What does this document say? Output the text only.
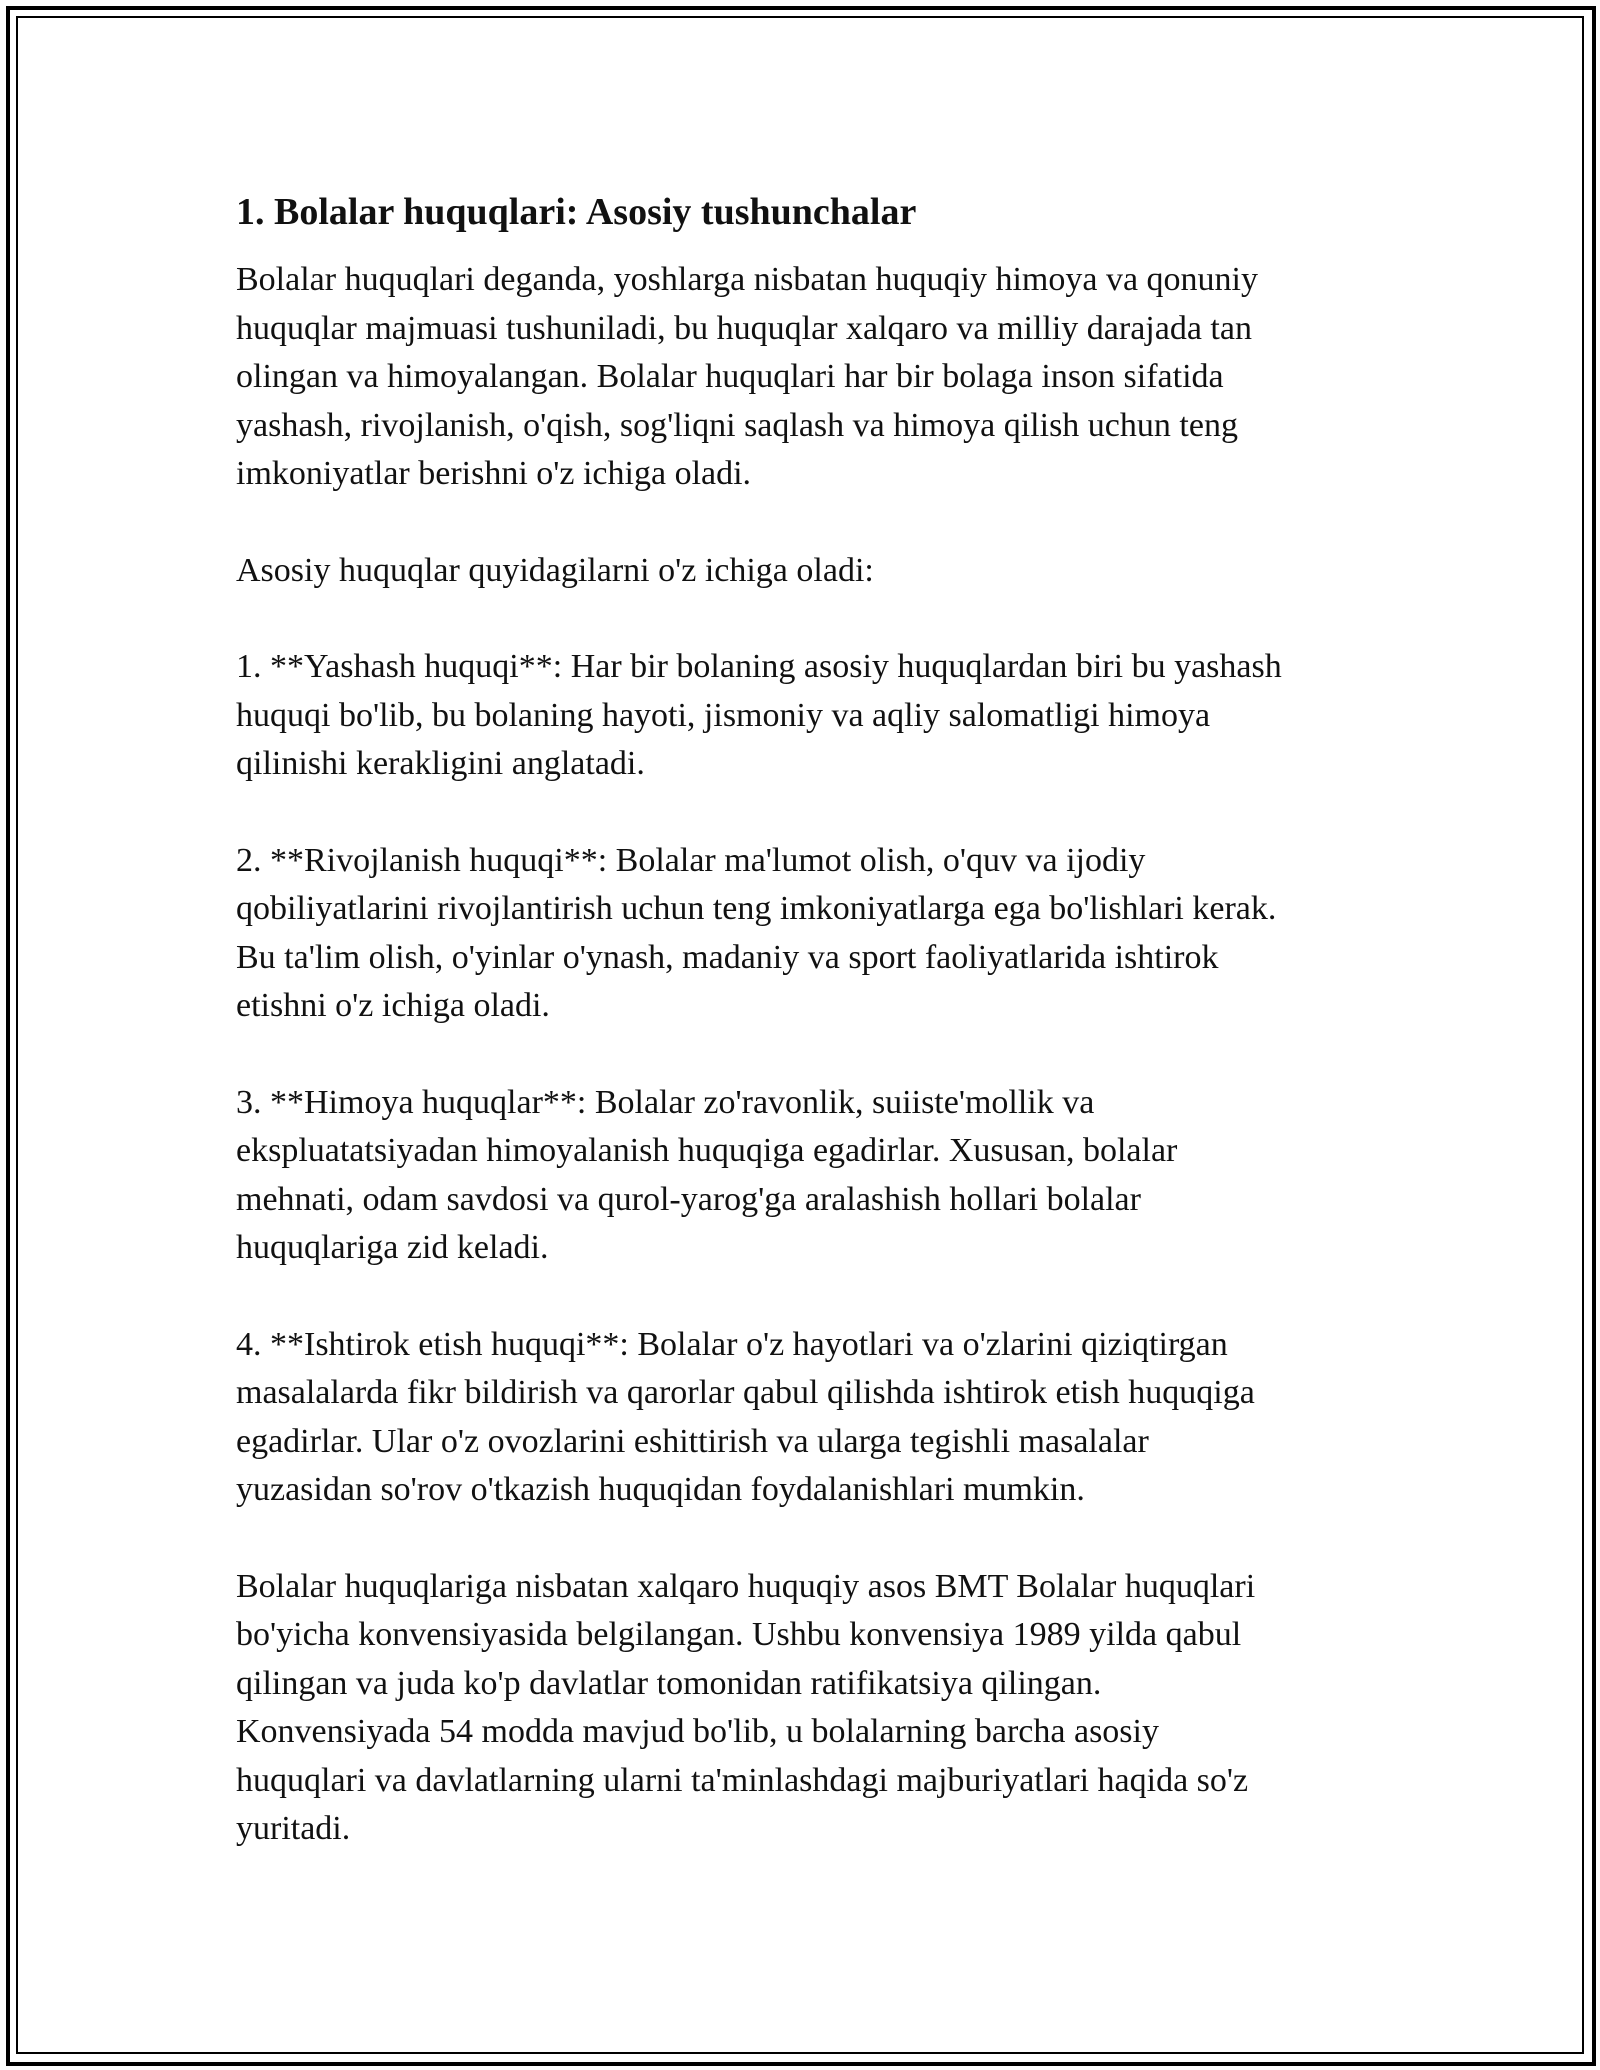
1. Bolalar huquqlari: Asosiy tushunchalar

Bolalar huquqlari deganda, yoshlarga nisbatan huquqiy himoya va qonuniy
huquqlar majmuasi tushuniladi, bu huquqlar xalqaro va milliy darajada tan
olingan va himoyalangan. Bolalar huquqlari har bir bolaga inson sifatida
yashash, rivojlanish, o'qish, sog'liqni saqlash va himoya qilish uchun teng
imkoniyatlar berishni o'z ichiga oladi.

Asosiy huquqlar quyidagilarni o'z ichiga oladi:

1. **Yashash huquqi**: Har bir bolaning asosiy huquqlardan biri bu yashash
huquqi bo'lib, bu bolaning hayoti, jismoniy va aqliy salomatligi himoya
qilinishi kerakligini anglatadi.

2. **Rivojlanish huquqi**: Bolalar ma'lumot olish, o'quv va ijodiy
qobiliyatlarini rivojlantirish uchun teng imkoniyatlarga ega bo'lishlari kerak.
Bu ta'lim olish, o'yinlar o'ynash, madaniy va sport faoliyatlarida ishtirok
etishni o'z ichiga oladi.

3. **Himoya huquqlar**: Bolalar zo'ravonlik, suiiste'mollik va
ekspluatatsiyadan himoyalanish huquqiga egadirlar. Xususan, bolalar
mehnati, odam savdosi va qurol-yarog'ga aralashish hollari bolalar
huquqlariga zid keladi.

4. **Ishtirok etish huquqi**: Bolalar o'z hayotlari va o'zlarini qiziqtirgan
masalalarda fikr bildirish va qarorlar qabul qilishda ishtirok etish huquqiga
egadirlar. Ular o'z ovozlarini eshittirish va ularga tegishli masalalar
yuzasidan so'rov o'tkazish huquqidan foydalanishlari mumkin.

Bolalar huquqlariga nisbatan xalqaro huquqiy asos BMT Bolalar huquqlari
bo'yicha konvensiyasida belgilangan. Ushbu konvensiya 1989 yilda qabul
qilingan va juda ko'p davlatlar tomonidan ratifikatsiya qilingan.
Konvensiyada 54 modda mavjud bo'lib, u bolalarning barcha asosiy
huquqlari va davlatlarning ularni ta'minlashdagi majburiyatlari haqida so'z
yuritadi.
